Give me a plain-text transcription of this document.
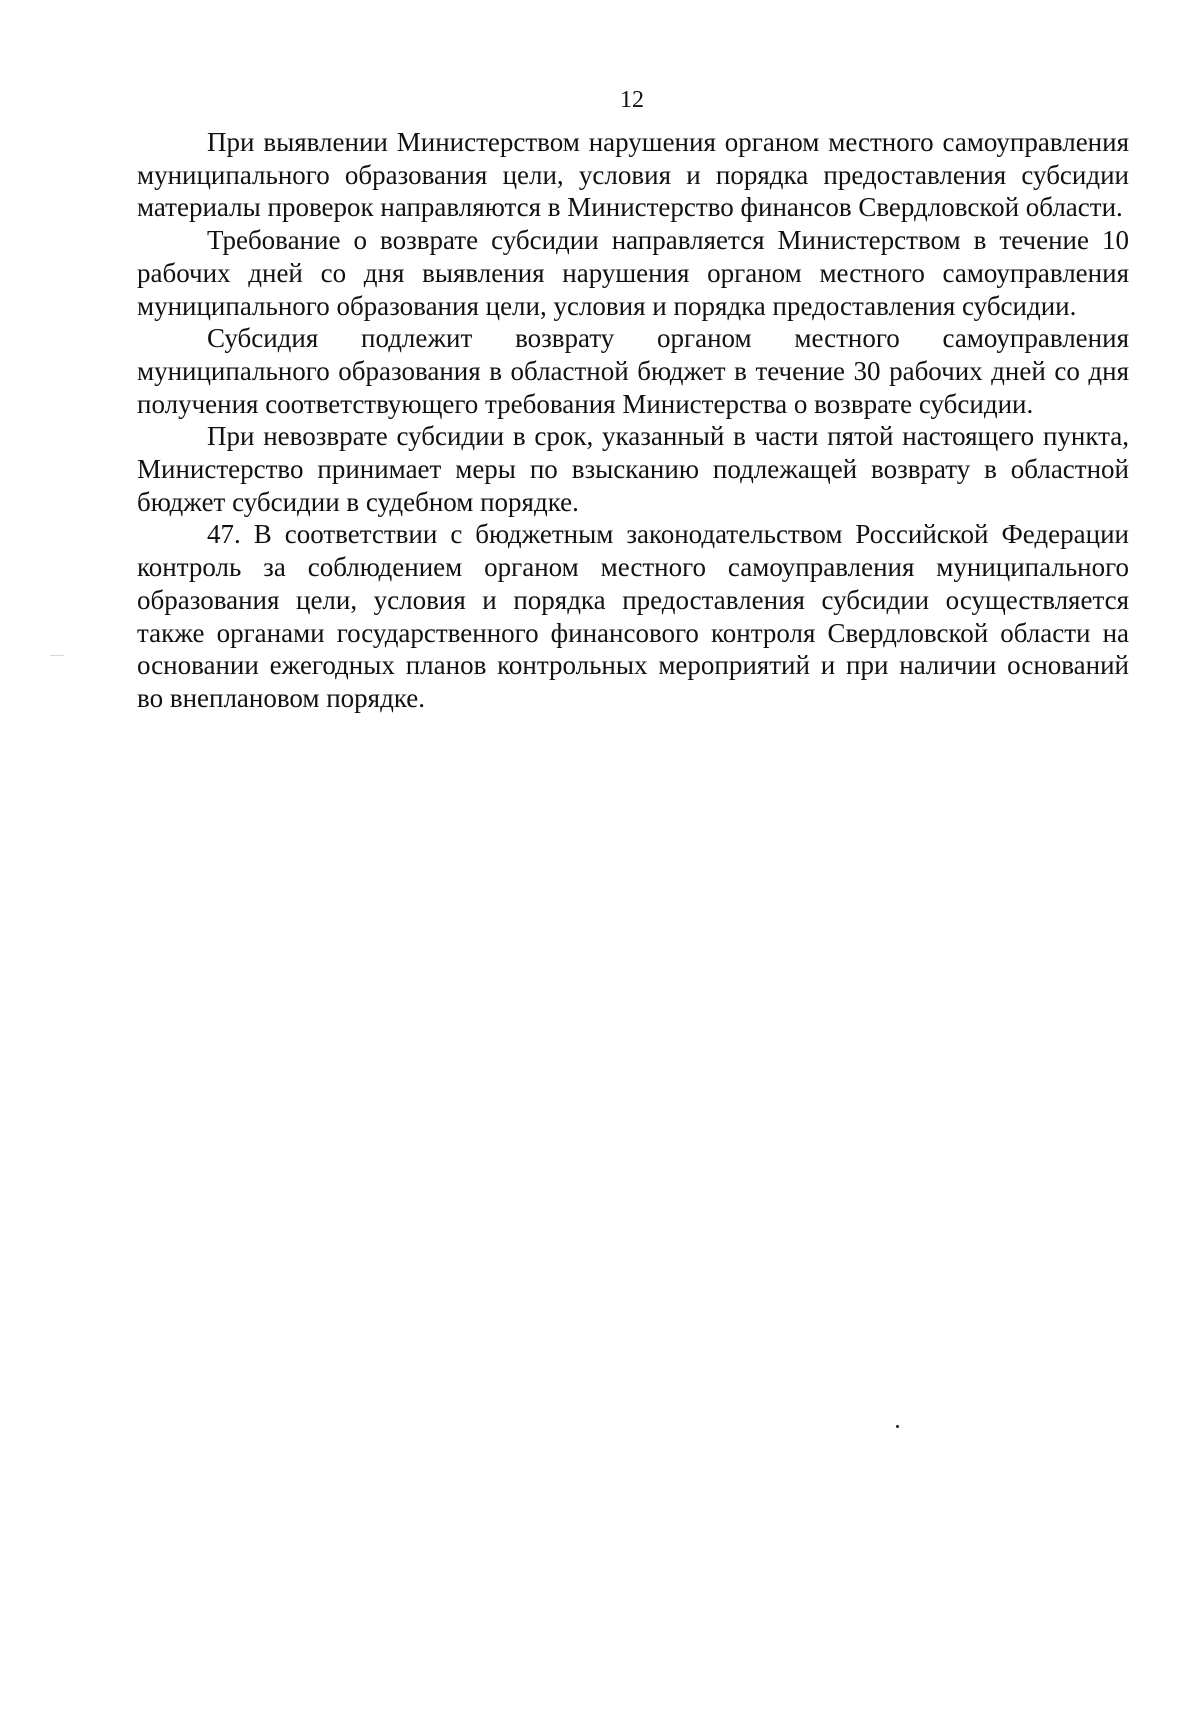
12

При выявлении Министерством нарушения органом местного самоуправления муниципального образования цели, условия и порядка предоставления субсидии материалы проверок направляются в Министерство финансов Свердловской области.

Требование о возврате субсидии направляется Министерством в течение 10 рабочих дней со дня выявления нарушения органом местного самоуправления муниципального образования цели, условия и порядка предоставления субсидии.

Субсидия подлежит возврату органом местного самоуправления муниципального образования в областной бюджет в течение 30 рабочих дней со дня получения соответствующего требования Министерства о возврате субсидии.

При невозврате субсидии в срок, указанный в части пятой настоящего пункта, Министерство принимает меры по взысканию подлежащей возврату в областной бюджет субсидии в судебном порядке.

47. В соответствии с бюджетным законодательством Российской Федерации контроль за соблюдением органом местного самоуправления муниципального образования цели, условия и порядка предоставления субсидии осуществляется также органами государственного финансового контроля Свердловской области на основании ежегодных планов контрольных мероприятий и при наличии оснований во внеплановом порядке.
